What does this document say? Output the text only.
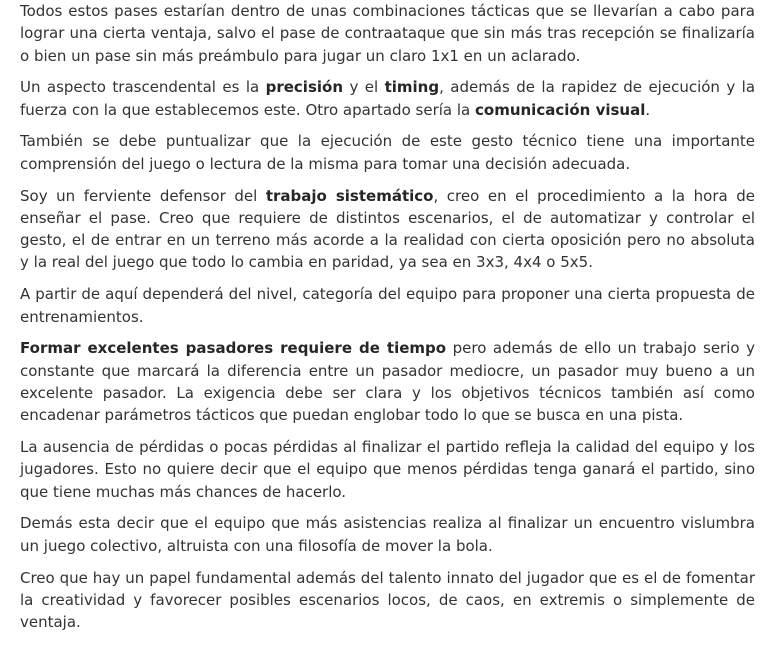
Todos estos pases estarían dentro de unas combinaciones tácticas que se llevarían a cabo para lograr una cierta ventaja, salvo el pase de contraataque que sin más tras recepción se finalizaría o bien un pase sin más preámbulo para jugar un claro 1x1 en un aclarado.

Un aspecto trascendental es la precisión y el timing, además de la rapidez de ejecución y la fuerza con la que establecemos este. Otro apartado sería la comunicación visual.

También se debe puntualizar que la ejecución de este gesto técnico tiene una importante comprensión del juego o lectura de la misma para tomar una decisión adecuada.

Soy un ferviente defensor del trabajo sistemático, creo en el procedimiento a la hora de enseñar el pase. Creo que requiere de distintos escenarios, el de automatizar y controlar el gesto, el de entrar en un terreno más acorde a la realidad con cierta oposición pero no absoluta y la real del juego que todo lo cambia en paridad, ya sea en 3x3, 4x4 o 5x5.

A partir de aquí dependerá del nivel, categoría del equipo para proponer una cierta propuesta de entrenamientos.

Formar excelentes pasadores requiere de tiempo pero además de ello un trabajo serio y constante que marcará la diferencia entre un pasador mediocre, un pasador muy bueno a un excelente pasador. La exigencia debe ser clara y los objetivos técnicos también así como encadenar parámetros tácticos que puedan englobar todo lo que se busca en una pista.

La ausencia de pérdidas o pocas pérdidas al finalizar el partido refleja la calidad del equipo y los jugadores. Esto no quiere decir que el equipo que menos pérdidas tenga ganará el partido, sino que tiene muchas más chances de hacerlo.

Demás esta decir que el equipo que más asistencias realiza al finalizar un encuentro vislumbra un juego colectivo, altruista con una filosofía de mover la bola.

Creo que hay un papel fundamental además del talento innato del jugador que es el de fomentar la creatividad y favorecer posibles escenarios locos, de caos, en extremis o simplemente de ventaja.
